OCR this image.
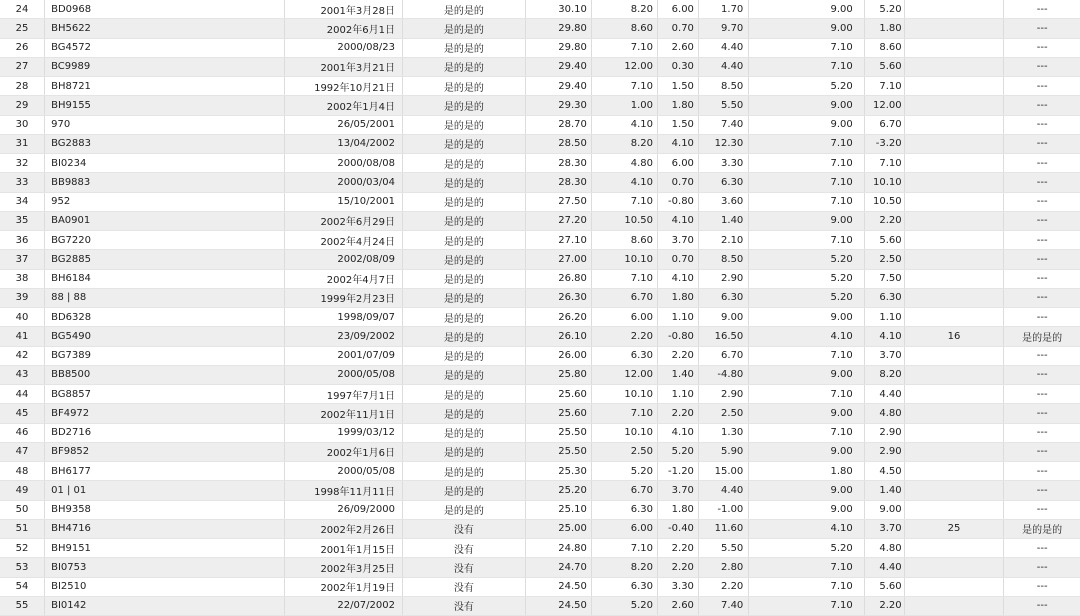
24	BD0968	2001年3月28日	是的是的	30.10	8.20	6.00	1.70	9.00	5.20		---
25	BH5622	2002年6月1日	是的是的	29.80	8.60	0.70	9.70	9.00	1.80		---
26	BG4572	2000/08/23	是的是的	29.80	7.10	2.60	4.40	7.10	8.60		---
27	BC9989	2001年3月21日	是的是的	29.40	12.00	0.30	4.40	7.10	5.60		---
28	BH8721	1992年10月21日	是的是的	29.40	7.10	1.50	8.50	5.20	7.10		---
29	BH9155	2002年1月4日	是的是的	29.30	1.00	1.80	5.50	9.00	12.00		---
30	970	26/05/2001	是的是的	28.70	4.10	1.50	7.40	9.00	6.70		---
31	BG2883	13/04/2002	是的是的	28.50	8.20	4.10	12.30	7.10	-3.20		---
32	BI0234	2000/08/08	是的是的	28.30	4.80	6.00	3.30	7.10	7.10		---
33	BB9883	2000/03/04	是的是的	28.30	4.10	0.70	6.30	7.10	10.10		---
34	952	15/10/2001	是的是的	27.50	7.10	-0.80	3.60	7.10	10.50		---
35	BA0901	2002年6月29日	是的是的	27.20	10.50	4.10	1.40	9.00	2.20		---
36	BG7220	2002年4月24日	是的是的	27.10	8.60	3.70	2.10	7.10	5.60		---
37	BG2885	2002/08/09	是的是的	27.00	10.10	0.70	8.50	5.20	2.50		---
38	BH6184	2002年4月7日	是的是的	26.80	7.10	4.10	2.90	5.20	7.50		---
39	88 | 88	1999年2月23日	是的是的	26.30	6.70	1.80	6.30	5.20	6.30		---
40	BD6328	1998/09/07	是的是的	26.20	6.00	1.10	9.00	9.00	1.10		---
41	BG5490	23/09/2002	是的是的	26.10	2.20	-0.80	16.50	4.10	4.10	16	是的是的
42	BG7389	2001/07/09	是的是的	26.00	6.30	2.20	6.70	7.10	3.70		---
43	BB8500	2000/05/08	是的是的	25.80	12.00	1.40	-4.80	9.00	8.20		---
44	BG8857	1997年7月1日	是的是的	25.60	10.10	1.10	2.90	7.10	4.40		---
45	BF4972	2002年11月1日	是的是的	25.60	7.10	2.20	2.50	9.00	4.80		---
46	BD2716	1999/03/12	是的是的	25.50	10.10	4.10	1.30	7.10	2.90		---
47	BF9852	2002年1月6日	是的是的	25.50	2.50	5.20	5.90	9.00	2.90		---
48	BH6177	2000/05/08	是的是的	25.30	5.20	-1.20	15.00	1.80	4.50		---
49	01 | 01	1998年11月11日	是的是的	25.20	6.70	3.70	4.40	9.00	1.40		---
50	BH9358	26/09/2000	是的是的	25.10	6.30	1.80	-1.00	9.00	9.00		---
51	BH4716	2002年2月26日	没有	25.00	6.00	-0.40	11.60	4.10	3.70	25	是的是的
52	BH9151	2001年1月15日	没有	24.80	7.10	2.20	5.50	5.20	4.80		---
53	BI0753	2002年3月25日	没有	24.70	8.20	2.20	2.80	7.10	4.40		---
54	BI2510	2002年1月19日	没有	24.50	6.30	3.30	2.20	7.10	5.60		---
55	BI0142	22/07/2002	没有	24.50	5.20	2.60	7.40	7.10	2.20		---
